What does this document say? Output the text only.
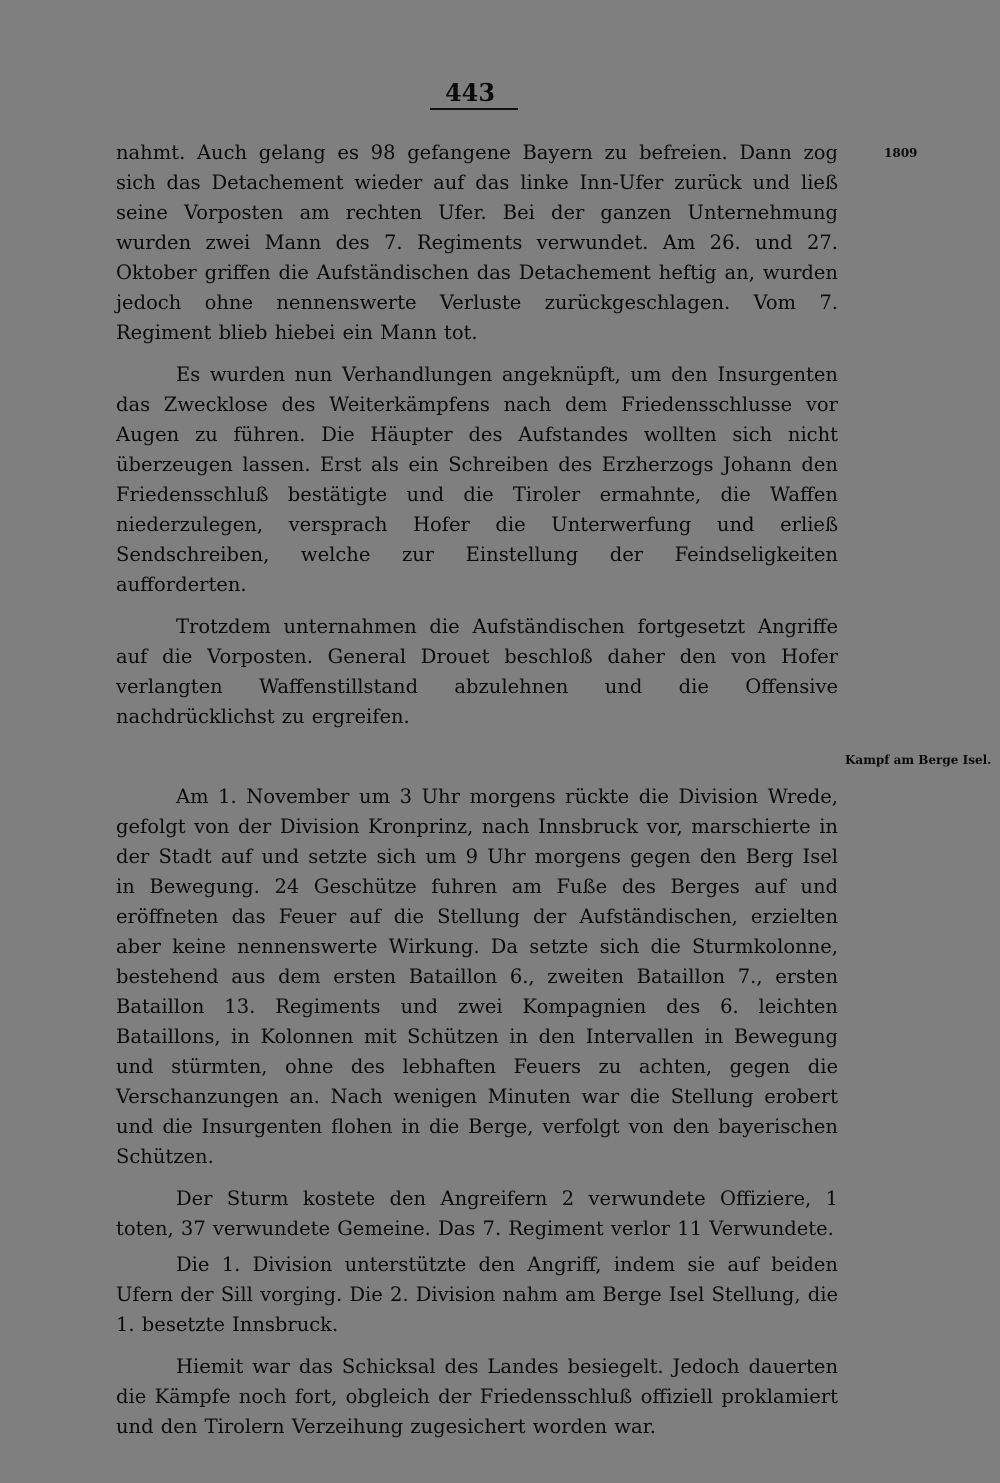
443
1809
Kampf am Berge Isel.

nahmt. Auch gelang es 98 gefangene Bayern zu befreien. Dann zog sich das Detachement wieder auf das linke Inn-Ufer zurück und ließ seine Vorposten am rechten Ufer. Bei der ganzen Unternehmung wurden zwei Mann des 7. Regiments verwundet. Am 26. und 27. Oktober griffen die Aufständischen das Detachement heftig an, wurden jedoch ohne nennenswerte Verluste zurückgeschlagen. Vom 7. Regiment blieb hiebei ein Mann tot.

Es wurden nun Verhandlungen angeknüpft, um den Insurgenten das Zwecklose des Weiterkämpfens nach dem Friedensschlusse vor Augen zu führen. Die Häupter des Aufstandes wollten sich nicht überzeugen lassen. Erst als ein Schreiben des Erzherzogs Johann den Friedensschluß bestätigte und die Tiroler ermahnte, die Waffen niederzulegen, versprach Hofer die Unterwerfung und erließ Sendschreiben, welche zur Einstellung der Feindseligkeiten aufforderten.

Trotzdem unternahmen die Aufständischen fortgesetzt Angriffe auf die Vorposten. General Drouet beschloß daher den von Hofer verlangten Waffenstillstand abzulehnen und die Offensive nachdrücklichst zu ergreifen.

Am 1. November um 3 Uhr morgens rückte die Division Wrede, gefolgt von der Division Kronprinz, nach Innsbruck vor, marschierte in der Stadt auf und setzte sich um 9 Uhr morgens gegen den Berg Isel in Bewegung. 24 Geschütze fuhren am Fuße des Berges auf und eröffneten das Feuer auf die Stellung der Aufständischen, erzielten aber keine nennenswerte Wirkung. Da setzte sich die Sturmkolonne, bestehend aus dem ersten Bataillon 6., zweiten Bataillon 7., ersten Bataillon 13. Regiments und zwei Kompagnien des 6. leichten Bataillons, in Kolonnen mit Schützen in den Intervallen in Bewegung und stürmten, ohne des lebhaften Feuers zu achten, gegen die Verschanzungen an. Nach wenigen Minuten war die Stellung erobert und die Insurgenten flohen in die Berge, verfolgt von den bayerischen Schützen.

Der Sturm kostete den Angreifern 2 verwundete Offiziere, 1 toten, 37 verwundete Gemeine. Das 7. Regiment verlor 11 Verwundete.

Die 1. Division unterstützte den Angriff, indem sie auf beiden Ufern der Sill vorging. Die 2. Division nahm am Berge Isel Stellung, die 1. besetzte Innsbruck.

Hiemit war das Schicksal des Landes besiegelt. Jedoch dauerten die Kämpfe noch fort, obgleich der Friedensschluß offiziell proklamiert und den Tirolern Verzeihung zugesichert worden war.
